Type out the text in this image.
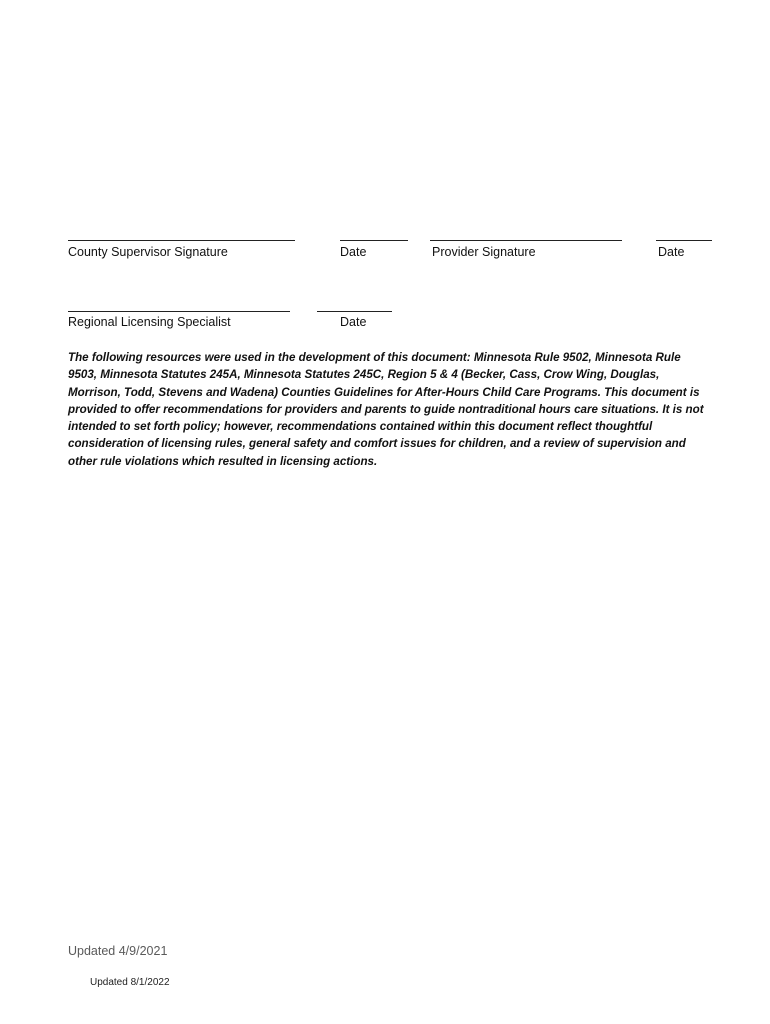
County Supervisor Signature	Date	Provider Signature	Date
Regional Licensing Specialist	Date

The following resources were used in the development of this document: Minnesota Rule 9502, Minnesota Rule 9503, Minnesota Statutes 245A, Minnesota Statutes 245C, Region 5 & 4 (Becker, Cass, Crow Wing, Douglas, Morrison, Todd, Stevens and Wadena) Counties Guidelines for After-Hours Child Care Programs. This document is provided to offer recommendations for providers and parents to guide nontraditional hours care situations. It is not intended to set forth policy; however, recommendations contained within this document reflect thoughtful consideration of licensing rules, general safety and comfort issues for children, and a review of supervision and other rule violations which resulted in licensing actions.

Updated 4/9/2021
Updated 8/1/2022
